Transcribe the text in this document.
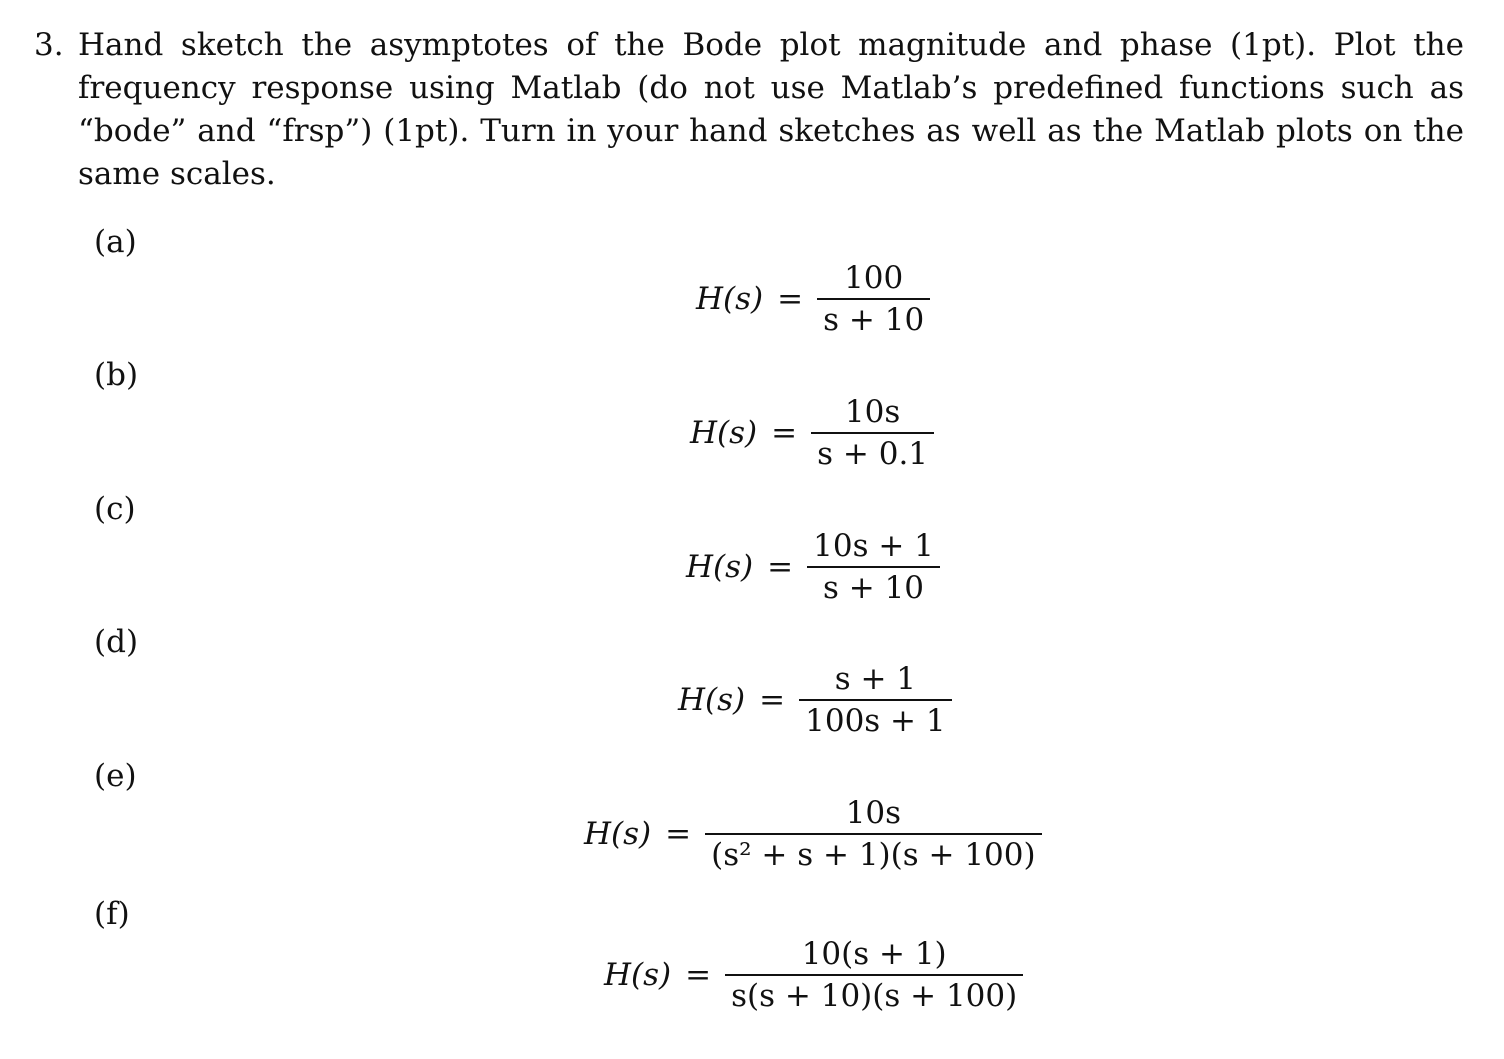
3. Hand sketch the asymptotes of the Bode plot magnitude and phase (1pt). Plot the frequency response using Matlab (do not use Matlab’s predefined functions such as “bode” and “frsp”) (1pt). Turn in your hand sketches as well as the Matlab plots on the same scales.
(a)
$H(s) = \frac{100}{s + 10}$
(b)
$H(s) = \frac{10s}{s + 0.1}$
(c)
$H(s) = \frac{10s + 1}{s + 10}$
(d)
$H(s) = \frac{s + 1}{100s + 1}$
(e)
$H(s) = \frac{10s}{\text{(s² + s + 1)(s + 100)}}$
(f)
$H(s) = \frac{10(s + 1)}{s(s + 10)(s + 100)}$
